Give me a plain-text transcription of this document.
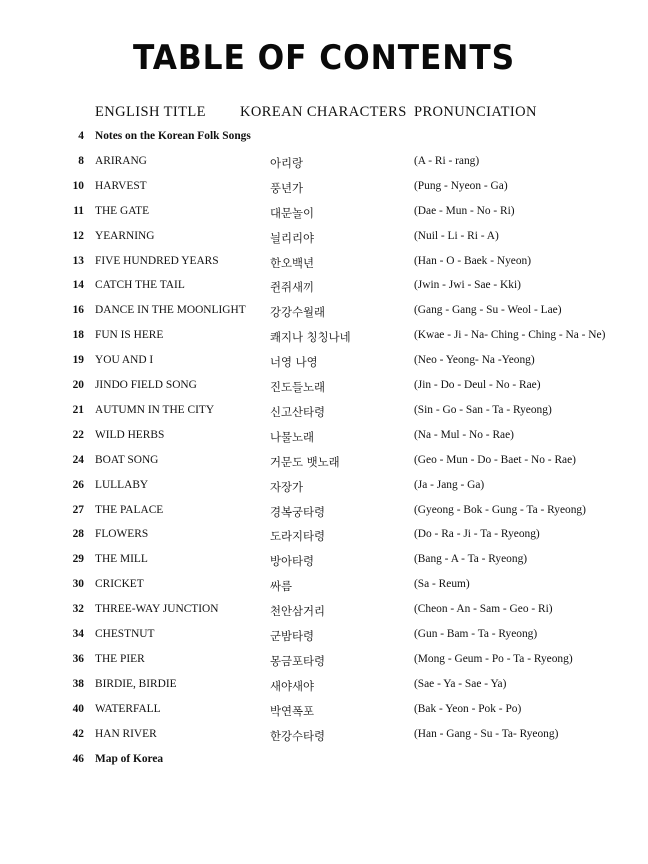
TABLE OF CONTENTS
ENGLISH TITLE KOREAN CHARACTERS PRONUNCIATION
4 Notes on the Korean Folk Songs
8 ARIRANG	아리랑	(A - Ri - rang)
10 HARVEST	풍년가	(Pung - Nyeon - Ga)
11 THE GATE	대문놀이	(Dae - Mun - No - Ri)
12 YEARNING	늴리리야	(Nuil - Li - Ri - A)
13 FIVE HUNDRED YEARS	한오백년	(Han - O - Baek - Nyeon)
14 CATCH THE TAIL	쥔쥐새끼	(Jwin - Jwi - Sae - Kki)
16 DANCE IN THE MOONLIGHT 강강수월래	(Gang - Gang - Su - Weol - Lae)
18 FUN IS HERE	쾌지나 칭칭나네	(Kwae - Ji - Na- Ching - Ching - Na - Ne)
19 YOU AND I	너영 나영	(Neo - Yeong- Na -Yeong)
20 JINDO FIELD SONG	진도들노래	(Jin - Do - Deul - No - Rae)
21 AUTUMN IN THE CITY	신고산타령	(Sin - Go - San - Ta - Ryeong)
22 WILD HERBS	나물노래	(Na - Mul - No - Rae)
24 BOAT SONG	거문도 뱃노래	(Geo - Mun - Do - Baet - No - Rae)
26 LULLABY	자장가	(Ja - Jang - Ga)
27 THE PALACE	경복궁타령	(Gyeong - Bok - Gung - Ta - Ryeong)
28 FLOWERS	도라지타령	(Do - Ra - Ji - Ta - Ryeong)
29 THE MILL	방아타령	(Bang - A - Ta - Ryeong)
30 CRICKET	싸름	(Sa - Reum)
32 THREE-WAY JUNCTION	천안삼거리	(Cheon - An - Sam - Geo - Ri)
34 CHESTNUT	군밤타령	(Gun - Bam - Ta - Ryeong)
36 THE PIER	몽금포타령	(Mong - Geum - Po - Ta - Ryeong)
38 BIRDIE, BIRDIE	새야새야	(Sae - Ya - Sae - Ya)
40 WATERFALL	박연폭포	(Bak - Yeon - Pok - Po)
42 HAN RIVER	한강수타령	(Han - Gang - Su - Ta- Ryeong)
46 Map of Korea
